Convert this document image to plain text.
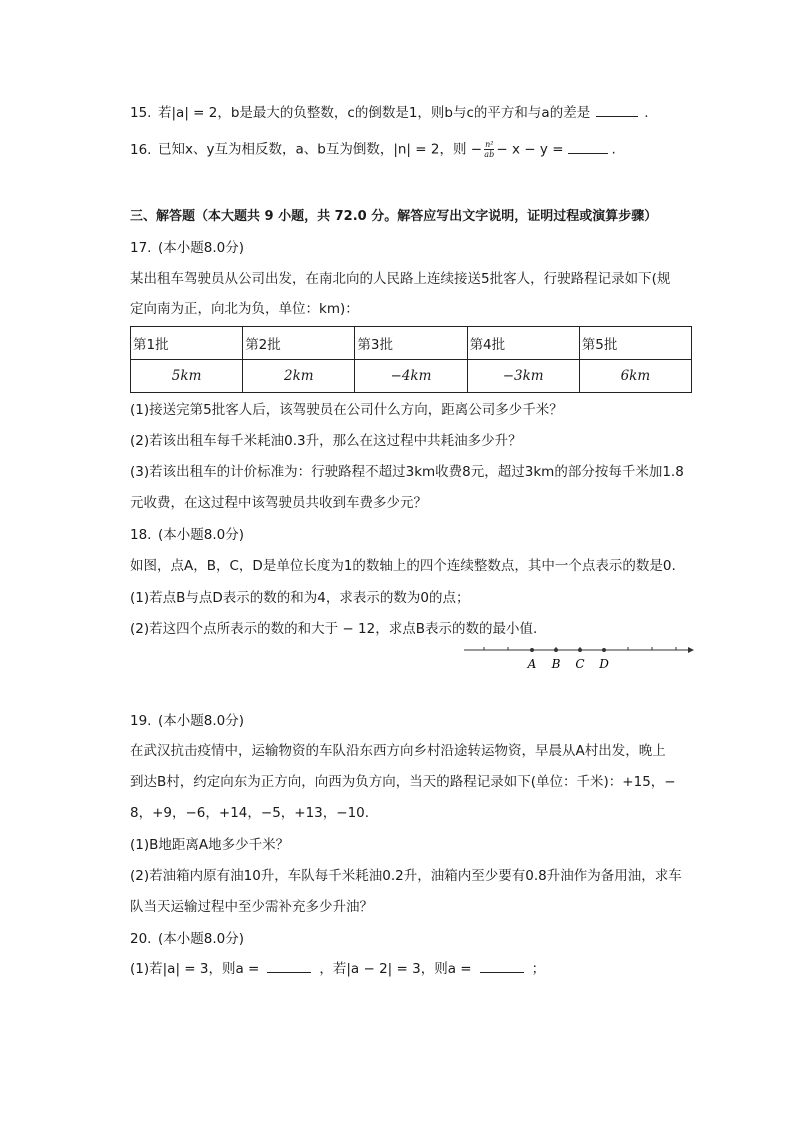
15. 若|a| = 2，b是最大的负整数，c的倒数是1，则b与c的平方和与a的差是	.
16. 已知x、y互为相反数，a、b互为倒数，|n| = 2，则 − $\frac{\text{n²}}{ab} - x - y$ =	.
三、解答题（本大题共 9 小题，共 72.0 分。解答应写出文字说明，证明过程或演算步骤）
17. (本小题8.0分)
某出租车驾驶员从公司出发，在南北向的人民路上连续接送5批客人，行驶路程记录如下(规
定向南为正，向北为负，单位：km)：
第1批	第2批	第3批	第4批	第5批
5km	2km	−4km	−3km	6km
(1)接送完第5批客人后，该驾驶员在公司什么方向，距离公司多少千米？
(2)若该出租车每千米耗油0.3升，那么在这过程中共耗油多少升？
(3)若该出租车的计价标准为：行驶路程不超过3km收费8元，超过3km的部分按每千米加1.8
元收费，在这过程中该驾驶员共收到车费多少元？
18. (本小题8.0分)
如图，点A，B，C，D是单位长度为1的数轴上的四个连续整数点，其中一个点表示的数是0.
(1)若点B与点D表示的数的和为4，求表示的数为0的点；
(2)若这四个点所表示的数的和大于 − 12，求点B表示的数的最小值.
A B C D
19. (本小题8.0分)
在武汉抗击疫情中，运输物资的车队沿东西方向乡村沿途转运物资，早晨从A村出发，晚上
到达B村，约定向东为正方向，向西为负方向，当天的路程记录如下(单位：千米)：+15，−
8，+9，−6，+14，−5，+13，−10.
(1)B地距离A地多少千米？
(2)若油箱内原有油10升，车队每千米耗油0.2升，油箱内至少要有0.8升油作为备用油，求车
队当天运输过程中至少需补充多少升油？
20. (本小题8.0分)
(1)若|a| = 3，则a =	，若|a − 2| = 3，则a =	；
